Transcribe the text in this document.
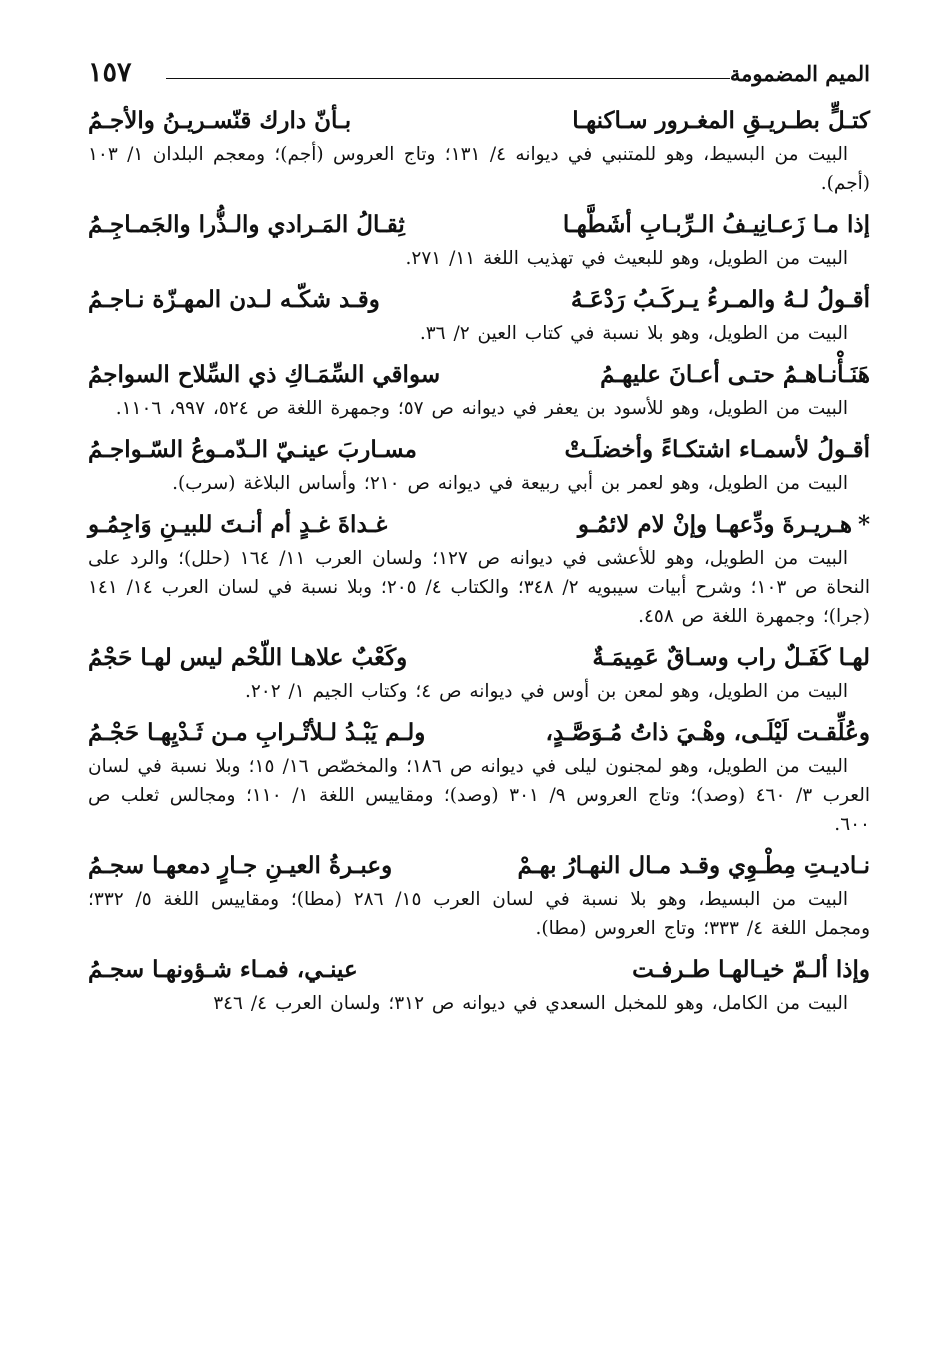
الميم المضمومة
١٥٧
كتـلٍّ بطـريـقِ المغـرور سـاكنهـا
بـأنّ دارك قنّسـريـنُ والأجـمُ

البيت من البسيط، وهو للمتنبي في ديوانه ٤/ ١٣١؛ وتاج العروس (أجم)؛ ومعجم البلدان ١/ ١٠٣ (أجم).

إذا مـا زَعـانِيـفُ الـرِّبـابِ أشَطَّهـا
ثِقـالُ المَـرادي والـذُّرا والجَمـاجِـمُ

البيت من الطويل، وهو للبعيث في تهذيب اللغة ١١/ ٢٧١.

أقـولُ لـهُ والمـرءُ يـركَـبُ رَدْعَـهُ
وقـد شكّـه لـدن المهـزّة نـاجـمُ

البيت من الطويل، وهو بلا نسبة في كتاب العين ٢/ ٣٦.

هَنَـأْنـاهـمُ حتـى أعـانَ عليهـمُ
سواقي السِّمَـاكِ ذي السِّلاح السواجمُ

البيت من الطويل، وهو للأسود بن يعفر في ديوانه ص ٥٧؛ وجمهرة اللغة ص ٥٢٤، ٩٩٧، ١١٠٦.

أقـولُ لأسمـاء اشتكـاءً وأخضلَـتْ
مسـاربَ عينـيّ الـدّمـوعُ السّـواجـمُ

البيت من الطويل، وهو لعمر بن أبي ربيعة في ديوانه ص ٢١٠؛ وأساس البلاغة (سرب).

*هـريـرةَ ودِّعهـا وإنْ لام لائمُـو
غـداةَ غـدٍ أم أنـتَ للبيـنِ وَاجِمُـو

البيت من الطويل، وهو للأعشى في ديوانه ص ١٢٧؛ ولسان العرب ١١/ ١٦٤ (حلل)؛ والرد على النحاة ص ١٠٣؛ وشرح أبيات سيبويه ٢/ ٣٤٨؛ والكتاب ٤/ ٢٠٥؛ وبلا نسبة في لسان العرب ١٤/ ١٤١ (جرا)؛ وجمهرة اللغة ص ٤٥٨.

لهـا كَفَـلٌ راب وسـاقٌ عَمِيمَـةٌ
وكَعْبٌ علاهـا اللّحْم ليس لهـا حَجْمُ

البيت من الطويل، وهو لمعن بن أوس في ديوانه ص ٤؛ وكتاب الجيم ١/ ٢٠٢.

وعُلِّقـت لَيْلَـى، وهْـيَ ذاتُ مُـوَصَّـدٍ،
ولـم يَبْـدُ لـلأتْـرابِ مـن ثَـدْيِهـا حَجْـمُ

البيت من الطويل، وهو لمجنون ليلى في ديوانه ص ١٨٦؛ والمخصّص ١٦/ ١٥؛ وبلا نسبة في لسان العرب ٣/ ٤٦٠ (وصد)؛ وتاج العروس ٩/ ٣٠١ (وصد)؛ ومقاييس اللغة ١/ ١١٠؛ ومجالس ثعلب ص ٦٠٠.

نـاديـتِ مِطْـوِي وقـد مـال النهـارُ بهـمْ
وعبـرةُ العيـنِ جـارٍ دمعهـا سجـمُ

البيت من البسيط، وهو بلا نسبة في لسان العرب ١٥/ ٢٨٦ (مطا)؛ ومقاييس اللغة ٥/ ٣٣٢؛ ومجمل اللغة ٤/ ٣٣٣؛ وتاج العروس (مطا).

وإذا ألـمّ خيـالهـا طـرفـت
عينـي، فمـاء شـؤونهـا سجـمُ

البيت من الكامل، وهو للمخبل السعدي في ديوانه ص ٣١٢؛ ولسان العرب ٤/ ٣٤٦
